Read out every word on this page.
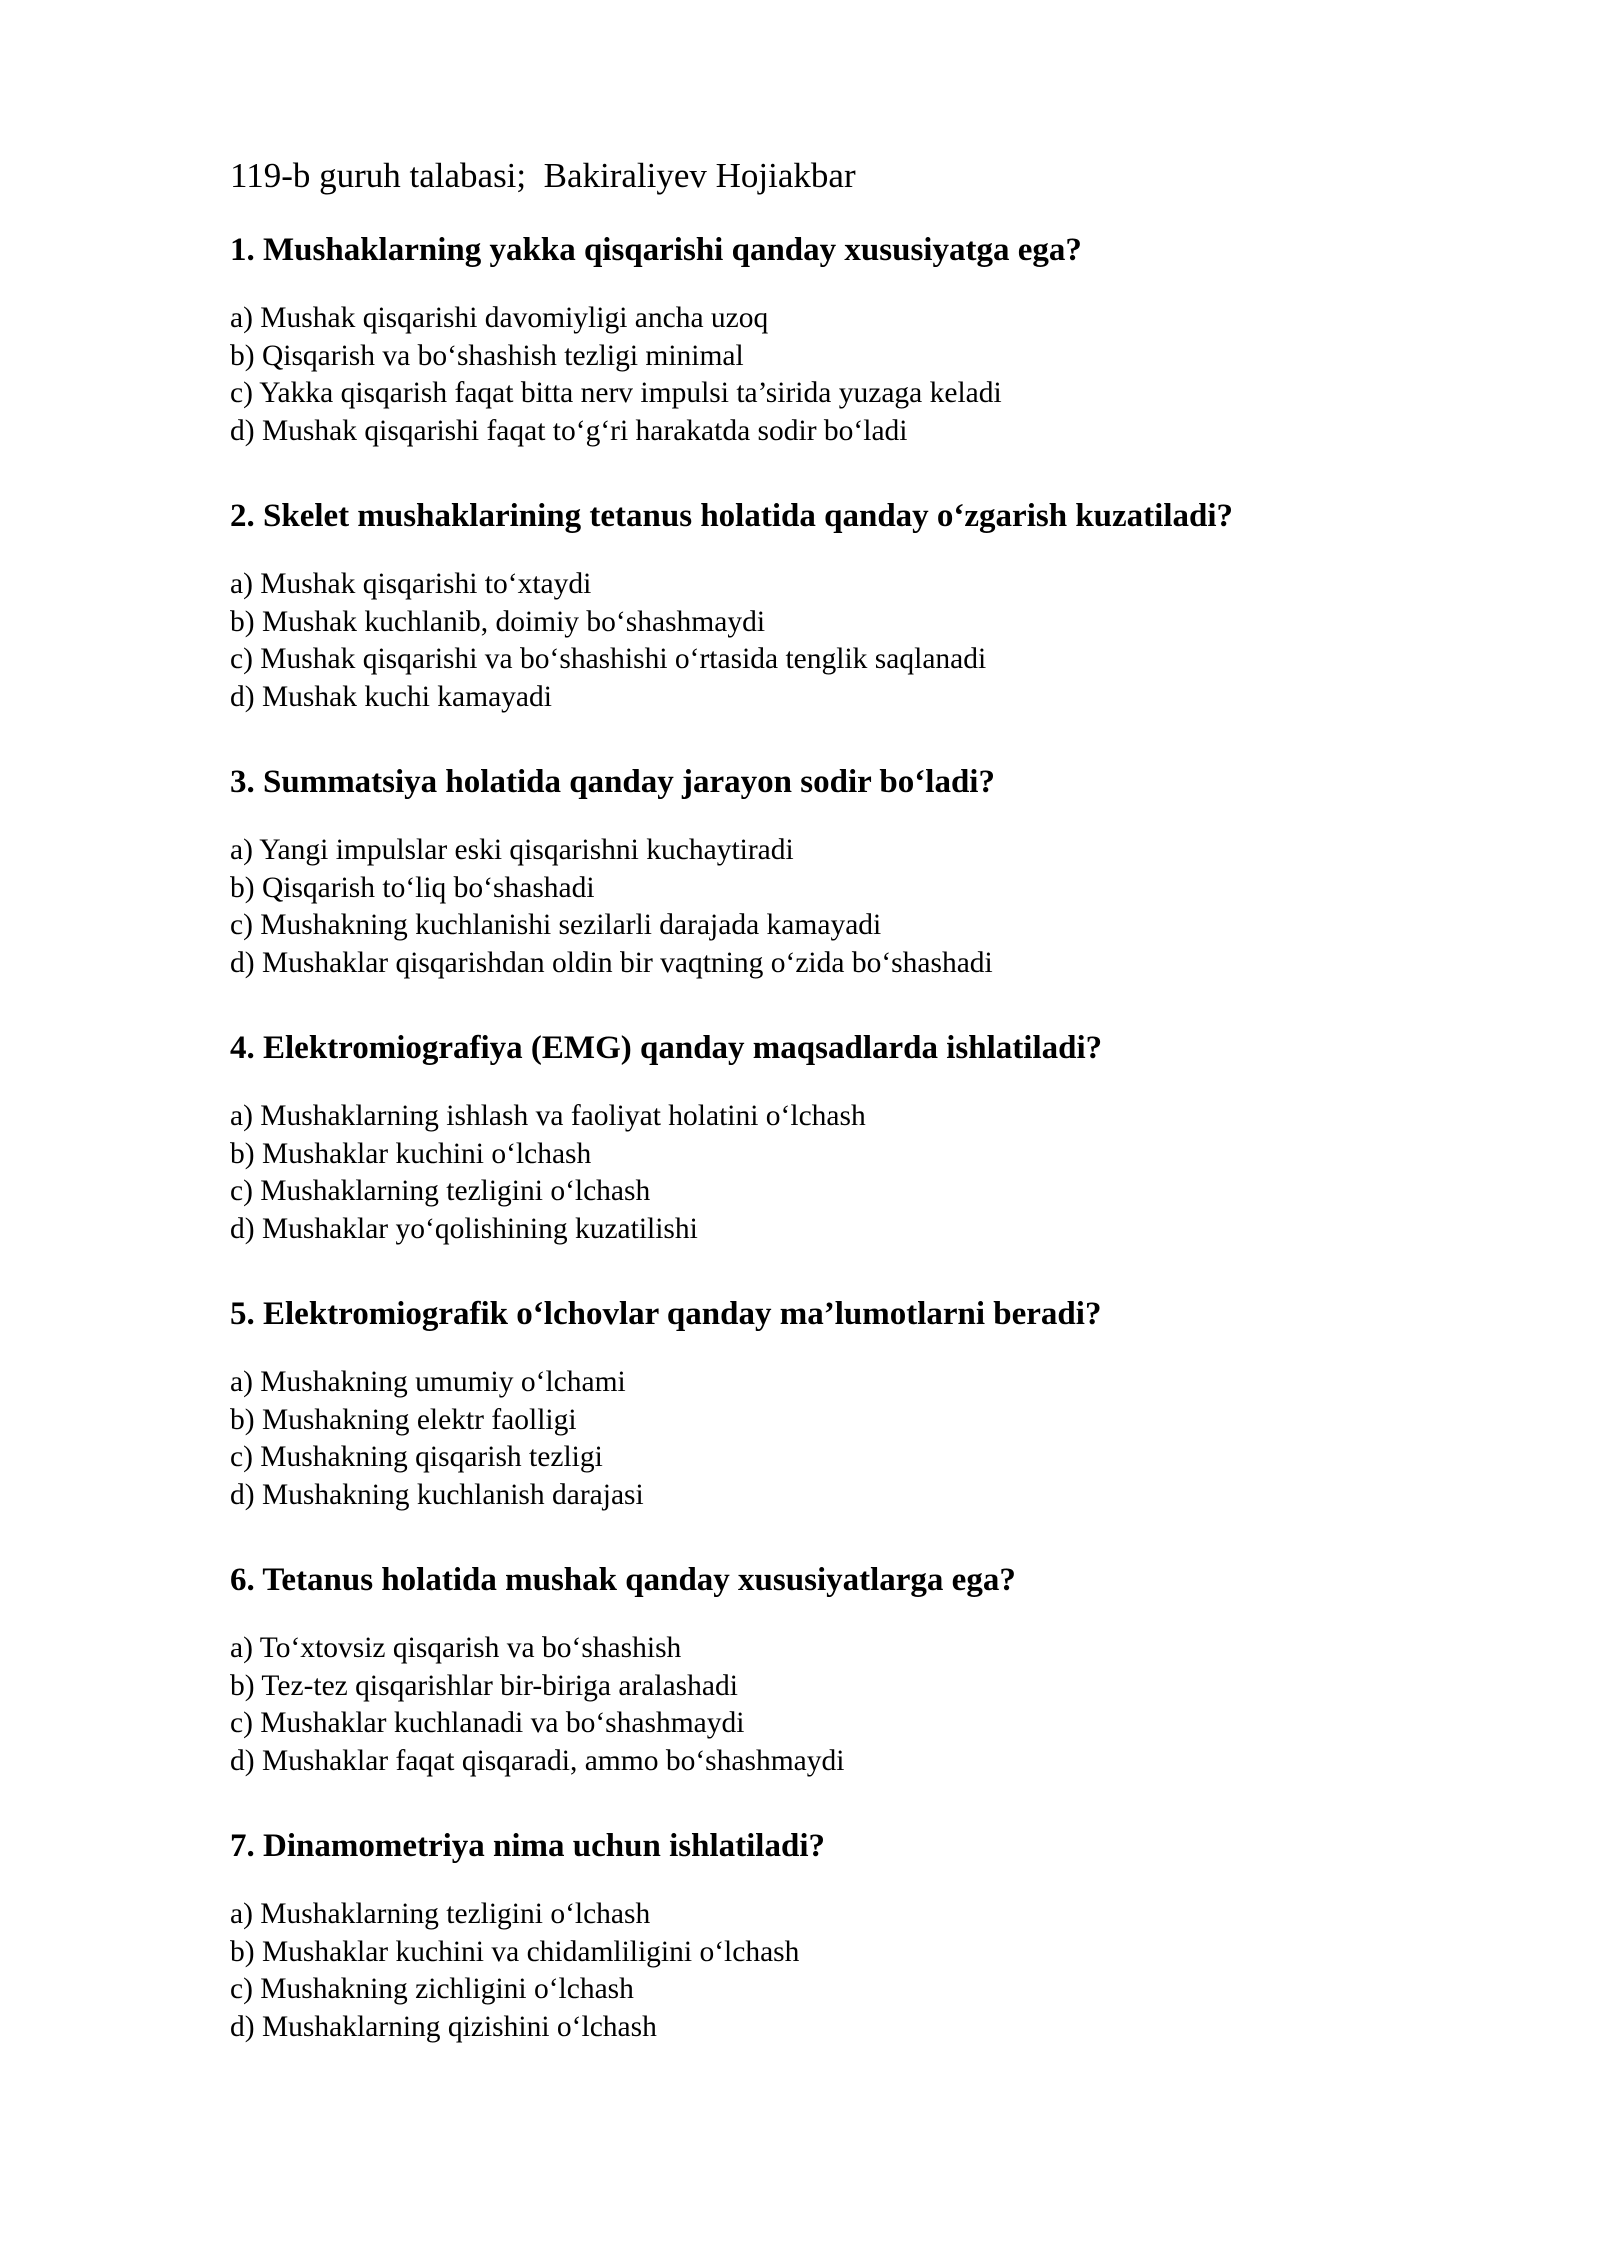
119-b guruh talabasi;  Bakiraliyev Hojiakbar

1. Mushaklarning yakka qisqarishi qanday xususiyatga ega?

a) Mushak qisqarishi davomiyligi ancha uzoq
b) Qisqarish va bo‘shashish tezligi minimal
c) Yakka qisqarish faqat bitta nerv impulsi ta’sirida yuzaga keladi
d) Mushak qisqarishi faqat to‘g‘ri harakatda sodir bo‘ladi

2. Skelet mushaklarining tetanus holatida qanday o‘zgarish kuzatiladi?

a) Mushak qisqarishi to‘xtaydi
b) Mushak kuchlanib, doimiy bo‘shashmaydi
c) Mushak qisqarishi va bo‘shashishi o‘rtasida tenglik saqlanadi
d) Mushak kuchi kamayadi

3. Summatsiya holatida qanday jarayon sodir bo‘ladi?

a) Yangi impulslar eski qisqarishni kuchaytiradi
b) Qisqarish to‘liq bo‘shashadi
c) Mushakning kuchlanishi sezilarli darajada kamayadi
d) Mushaklar qisqarishdan oldin bir vaqtning o‘zida bo‘shashadi

4. Elektromiografiya (EMG) qanday maqsadlarda ishlatiladi?

a) Mushaklarning ishlash va faoliyat holatini o‘lchash
b) Mushaklar kuchini o‘lchash
c) Mushaklarning tezligini o‘lchash
d) Mushaklar yo‘qolishining kuzatilishi

5. Elektromiografik o‘lchovlar qanday ma’lumotlarni beradi?

a) Mushakning umumiy o‘lchami
b) Mushakning elektr faolligi
c) Mushakning qisqarish tezligi
d) Mushakning kuchlanish darajasi

6. Tetanus holatida mushak qanday xususiyatlarga ega?

a) To‘xtovsiz qisqarish va bo‘shashish
b) Tez-tez qisqarishlar bir-biriga aralashadi
c) Mushaklar kuchlanadi va bo‘shashmaydi
d) Mushaklar faqat qisqaradi, ammo bo‘shashmaydi

7. Dinamometriya nima uchun ishlatiladi?

a) Mushaklarning tezligini o‘lchash
b) Mushaklar kuchini va chidamliligini o‘lchash
c) Mushakning zichligini o‘lchash
d) Mushaklarning qizishini o‘lchash
